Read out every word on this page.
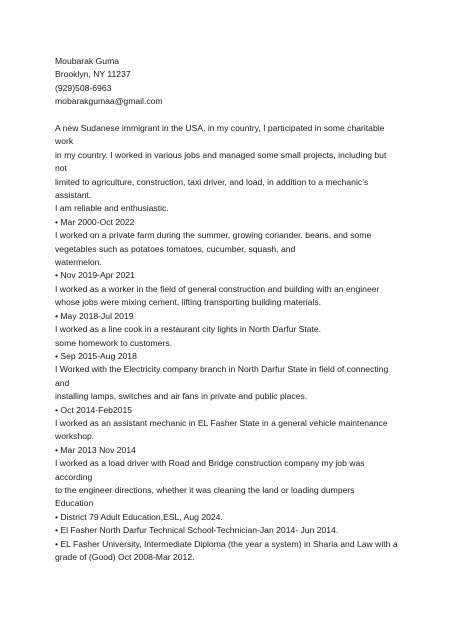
Moubarak Guma
Brooklyn, NY 11237
(929)508-6963
mobarakgumaa@gmail.com
A new Sudanese immigrant in the USA. in my country, I participated in some charitable
work
in my country. I worked in various jobs and managed some small projects, including but
not
limited to agriculture, construction, taxi driver, and load, in addition to a mechanic’s
assistant.
I am reliable and enthusiastic.
• Mar 2000-Oct 2022
I worked on a private farm during the summer, growing coriander. beans, and some
vegetables such as potatoes tomatoes, cucumber, squash, and
watermelon.
• Nov 2019-Apr 2021
I worked as a worker in the field of general construction and building with an engineer
whose jobs were mixing cement, lifting transporting building materials.
• May 2018-Jul 2019
I worked as a line cook in a restaurant city lights in North Darfur State.
some homework to customers.
• Sep 2015-Aug 2018
I Worked with the Electricity company branch in North Darfur State in field of connecting
and
installing lamps, switches and air fans in private and public places.
• Oct 2014-Feb2015
I worked as an assistant mechanic in EL Fasher State in a general vehicle maintenance
workshop.
• Mar 2013 Nov 2014
I worked as a load driver with Road and Bridge construction company my job was
according
to the engineer directions, whether it was cleaning the land or loading dumpers
Education
• District 79 Adult Education,ESL, Aug 2024.
• El Fasher North Darfur Technical School-Technician-Jan 2014- Jun 2014.
• EL Fasher University, Intermediate Diploma (the year a system) in Sharia and Law with a
grade of (Good) Oct 2008-Mar 2012.
